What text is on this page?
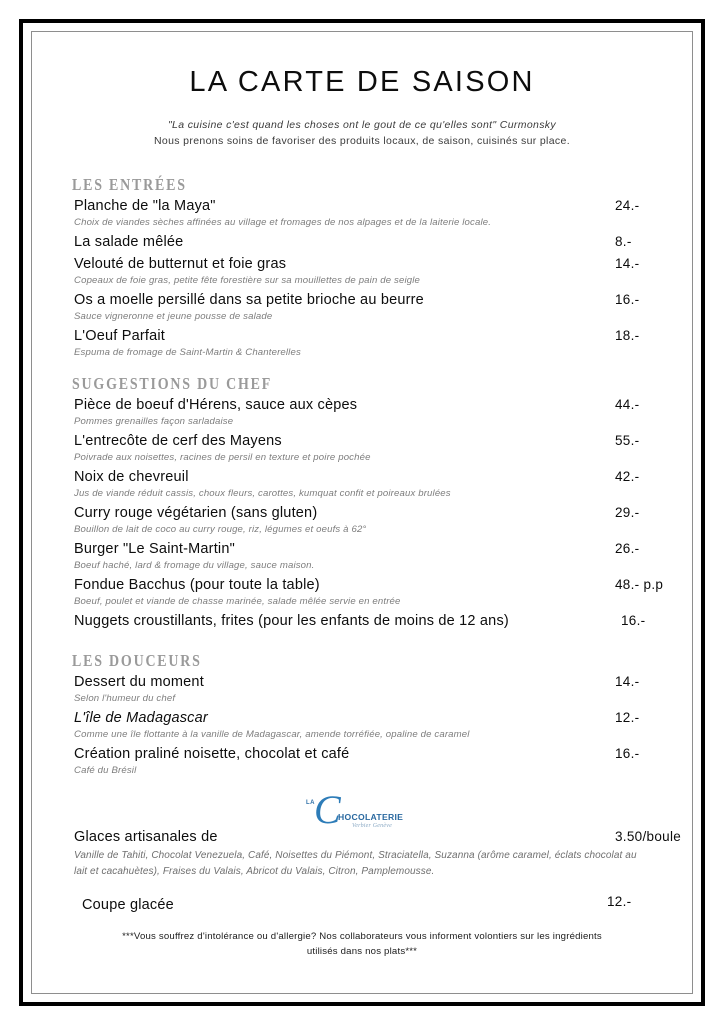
LA CARTE DE SAISON
"La cuisine c'est quand les choses ont le gout de ce qu'elles sont" Curmonsky
Nous prenons soins de favoriser des produits locaux, de saison, cuisinés sur place.
LES ENTRÉES
Planche de "la Maya"	24.-
Choix de viandes sèches affinées au village et fromages de nos alpages et de la laiterie locale.
La salade mêlée	8.-
Velouté de butternut et foie gras	14.-
Copeaux de foie gras, petite fête forestière sur sa mouillettes de pain de seigle
Os a moelle persillé dans sa petite brioche au beurre	16.-
Sauce vigneronne et jeune pousse de salade
L'Oeuf Parfait	18.-
Espuma de fromage de Saint-Martin & Chanterelles
SUGGESTIONS DU CHEF
Pièce de boeuf d'Hérens, sauce aux cèpes	44.-
Pommes grenailles façon sarladaise
L'entrecôte de cerf des Mayens	55.-
Poivrade aux noisettes, racines de persil en texture et poire pochée
Noix de chevreuil	42.-
Jus de viande réduit cassis, choux fleurs, carottes, kumquat confit et poireaux brulées
Curry rouge végétarien (sans gluten)	29.-
Bouillon de lait de coco au curry rouge, riz, légumes et oeufs à 62°
Burger "Le Saint-Martin"	26.-
Boeuf haché, lard & fromage du village, sauce maison.
Fondue Bacchus (pour toute la table)	48.- p.p
Boeuf, poulet et viande de chasse marinée, salade mêlée servie en entrée
Nuggets croustillants, frites (pour les enfants de moins de 12 ans)	16.-
LES DOUCEURS
Dessert du moment	14.-
Selon l'humeur du chef
L'île de Madagascar	12.-
Comme une île flottante à la vanille de Madagascar, amende torréfiée, opaline de caramel
Création praliné noisette, chocolat et café	16.-
Café du Brésil
LA C
HOCOLATERIE
Verbier Genève
Glaces artisanales de	3.50/boule
Vanille de Tahiti, Chocolat Venezuela, Café, Noisettes du Piémont, Straciatella, Suzanna (arôme caramel, éclats chocolat au lait et cacahuètes), Fraises du Valais, Abricot du Valais, Citron, Pamplemousse.
Coupe glacée	12.-
***Vous souffrez d'intolérance ou d'allergie? Nos collaborateurs vous informent volontiers sur les ingrédients
utilisés dans nos plats***
